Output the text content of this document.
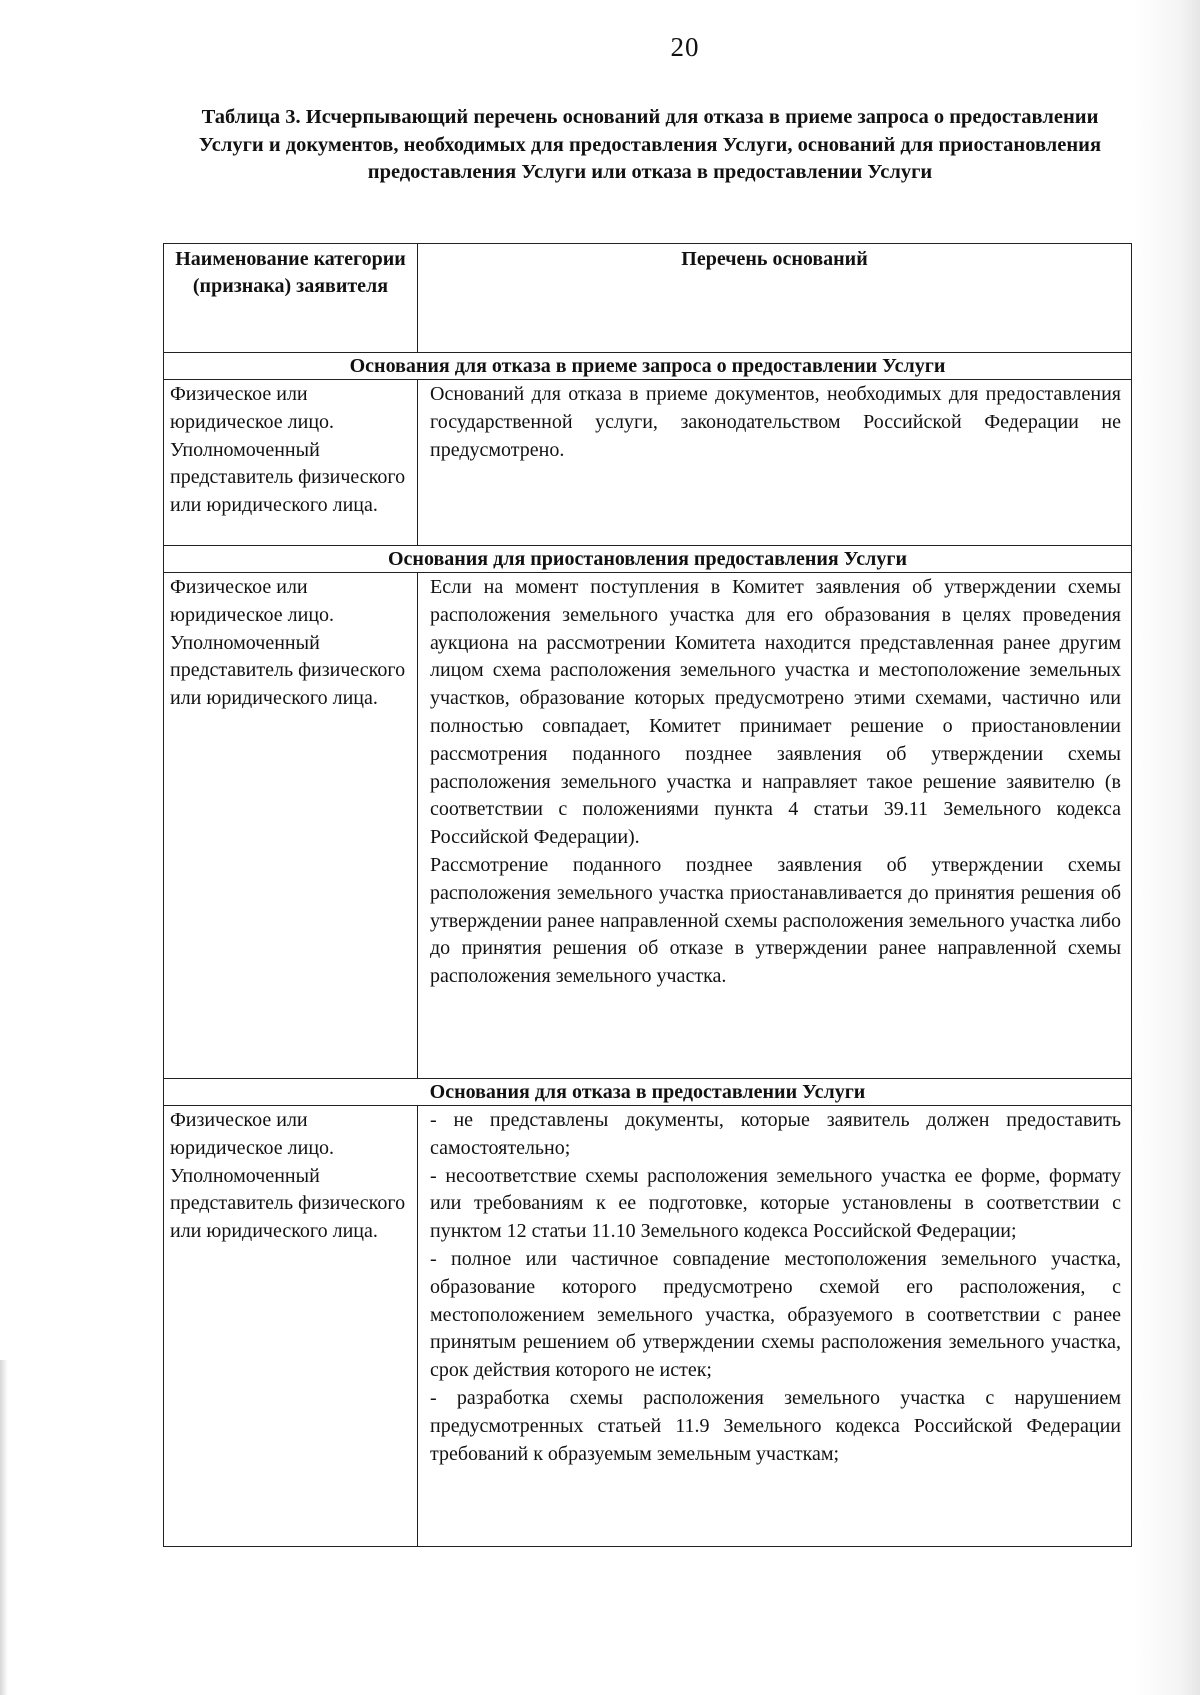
20
Таблица 3. Исчерпывающий перечень оснований для отказа в приеме запроса о предоставлении Услуги и документов, необходимых для предоставления Услуги, оснований для приостановления предоставления Услуги или отказа в предоставлении Услуги
Наименование категории (признака) заявителя	Перечень оснований
Основания для отказа в приеме запроса о предоставлении Услуги	
Физическое или юридическое лицо. Уполномоченный представитель физического или юридического лица.	Оснований для отказа в приеме документов, необходимых для предоставления государственной услуги, законодательством Российской Федерации не предусмотрено.

Основания для приостановления предоставления Услуги	
Физическое или юридическое лицо. Уполномоченный представитель физического или юридического лица.	Если на момент поступления в Комитет заявления об утверждении схемы расположения земельного участка для его образования в целях проведения аукциона на рассмотрении Комитета находится представленная ранее другим лицом схема расположения земельного участка и местоположение земельных участков, образование которых предусмотрено этими схемами, частично или полностью совпадает, Комитет принимает решение о приостановлении рассмотрения поданного позднее заявления об утверждении схемы расположения земельного участка и направляет такое решение заявителю (в соответствии с положениями пункта 4 статьи 39.11 Земельного кодекса Российской Федерации).

Рассмотрение поданного позднее заявления об утверждении схемы расположения земельного участка приостанавливается до принятия решения об утверждении ранее направленной схемы расположения земельного участка либо до принятия решения об отказе в утверждении ранее направленной схемы расположения земельного участка.

Основания для отказа в предоставлении Услуги	
Физическое или юридическое лицо. Уполномоченный представитель физического или юридического лица.	- не представлены документы, которые заявитель должен предоставить самостоятельно;

- несоответствие схемы расположения земельного участка ее форме, формату или требованиям к ее подготовке, которые установлены в соответствии с пунктом 12 статьи 11.10 Земельного кодекса Российской Федерации;

- полное или частичное совпадение местоположения земельного участка, образование которого предусмотрено схемой его расположения, с местоположением земельного участка, образуемого в соответствии с ранее принятым решением об утверждении схемы расположения земельного участка, срок действия которого не истек;

- разработка схемы расположения земельного участка с нарушением предусмотренных статьей 11.9 Земельного кодекса Российской Федерации требований к образуемым земельным участкам;
